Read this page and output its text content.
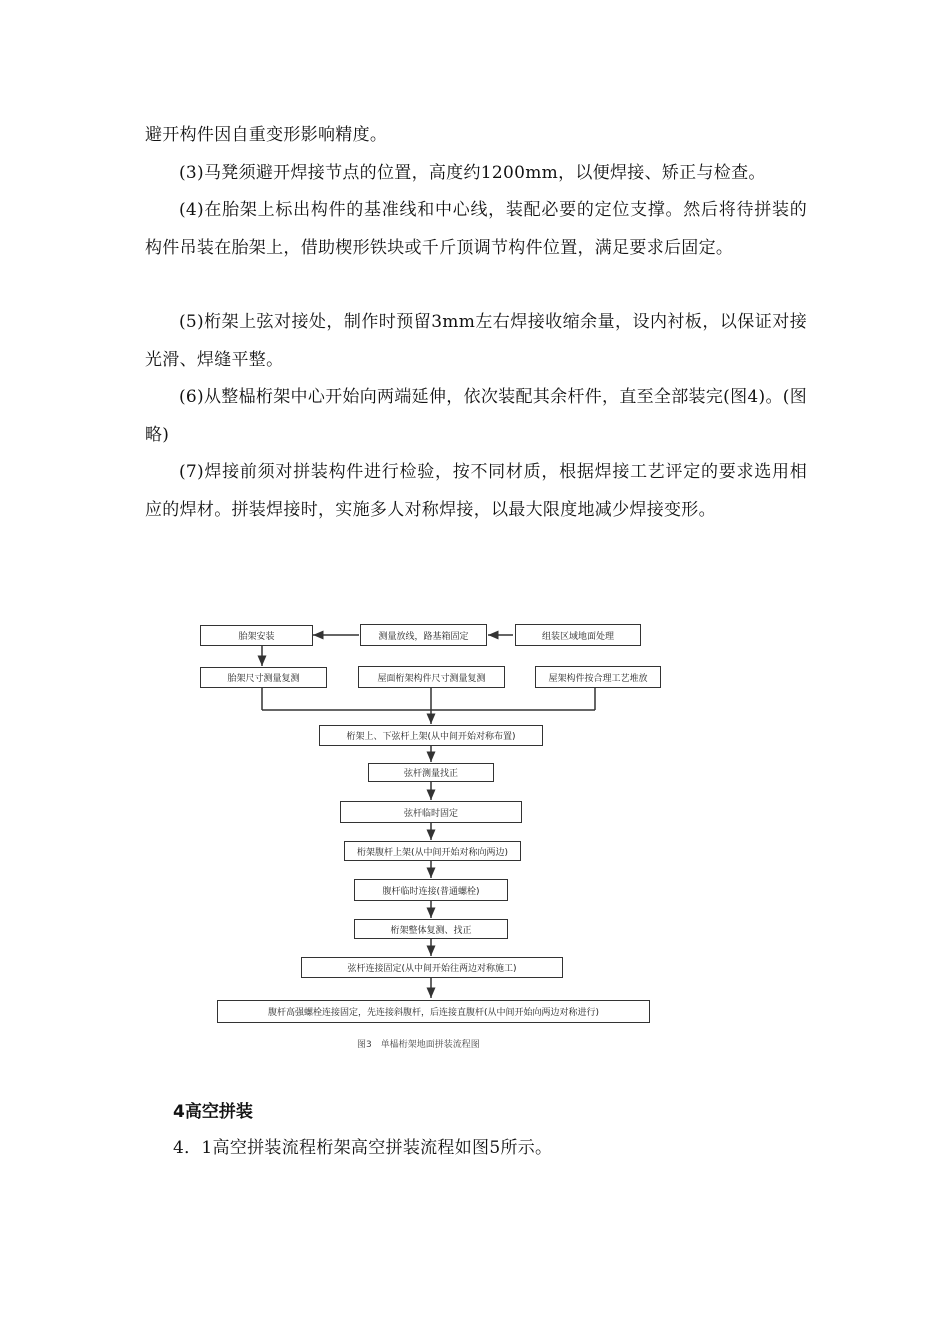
避开构件因自重变形影响精度。

(3)马凳须避开焊接节点的位置，高度约1200mm，以便焊接、矫正与检查。

(4)在胎架上标出构件的基准线和中心线，装配必要的定位支撑。然后将待拼装的构件吊装在胎架上，借助楔形铁块或千斤顶调节构件位置，满足要求后固定。

(5)桁架上弦对接处，制作时预留3mm左右焊接收缩余量，设内衬板，以保证对接光滑、焊缝平整。

(6)从整榀桁架中心开始向两端延伸，依次装配其余杆件，直至全部装完(图4)。(图略)

(7)焊接前须对拼装构件进行检验，按不同材质，根据焊接工艺评定的要求选用相应的焊材。拼装焊接时，实施多人对称焊接，以最大限度地减少焊接变形。

胎架安装	测量放线，路基箱固定	组装区域地面处理
胎架尺寸测量复测	屋面桁架构件尺寸测量复测	屋架构件按合理工艺堆放
桁架上、下弦杆上架(从中间开始对称布置)
弦杆测量找正
弦杆临时固定
桁架腹杆上架(从中间开始对称向两边)
腹杆临时连接(普通螺栓)
桁架整体复测、找正
弦杆连接固定(从中间开始往两边对称施工)
腹杆高强螺栓连接固定，先连接斜腹杆，后连接直腹杆(从中间开始向两边对称进行)

图3　单榀桁架地面拼装流程图

4高空拼装

4．1高空拼装流程桁架高空拼装流程如图5所示。
